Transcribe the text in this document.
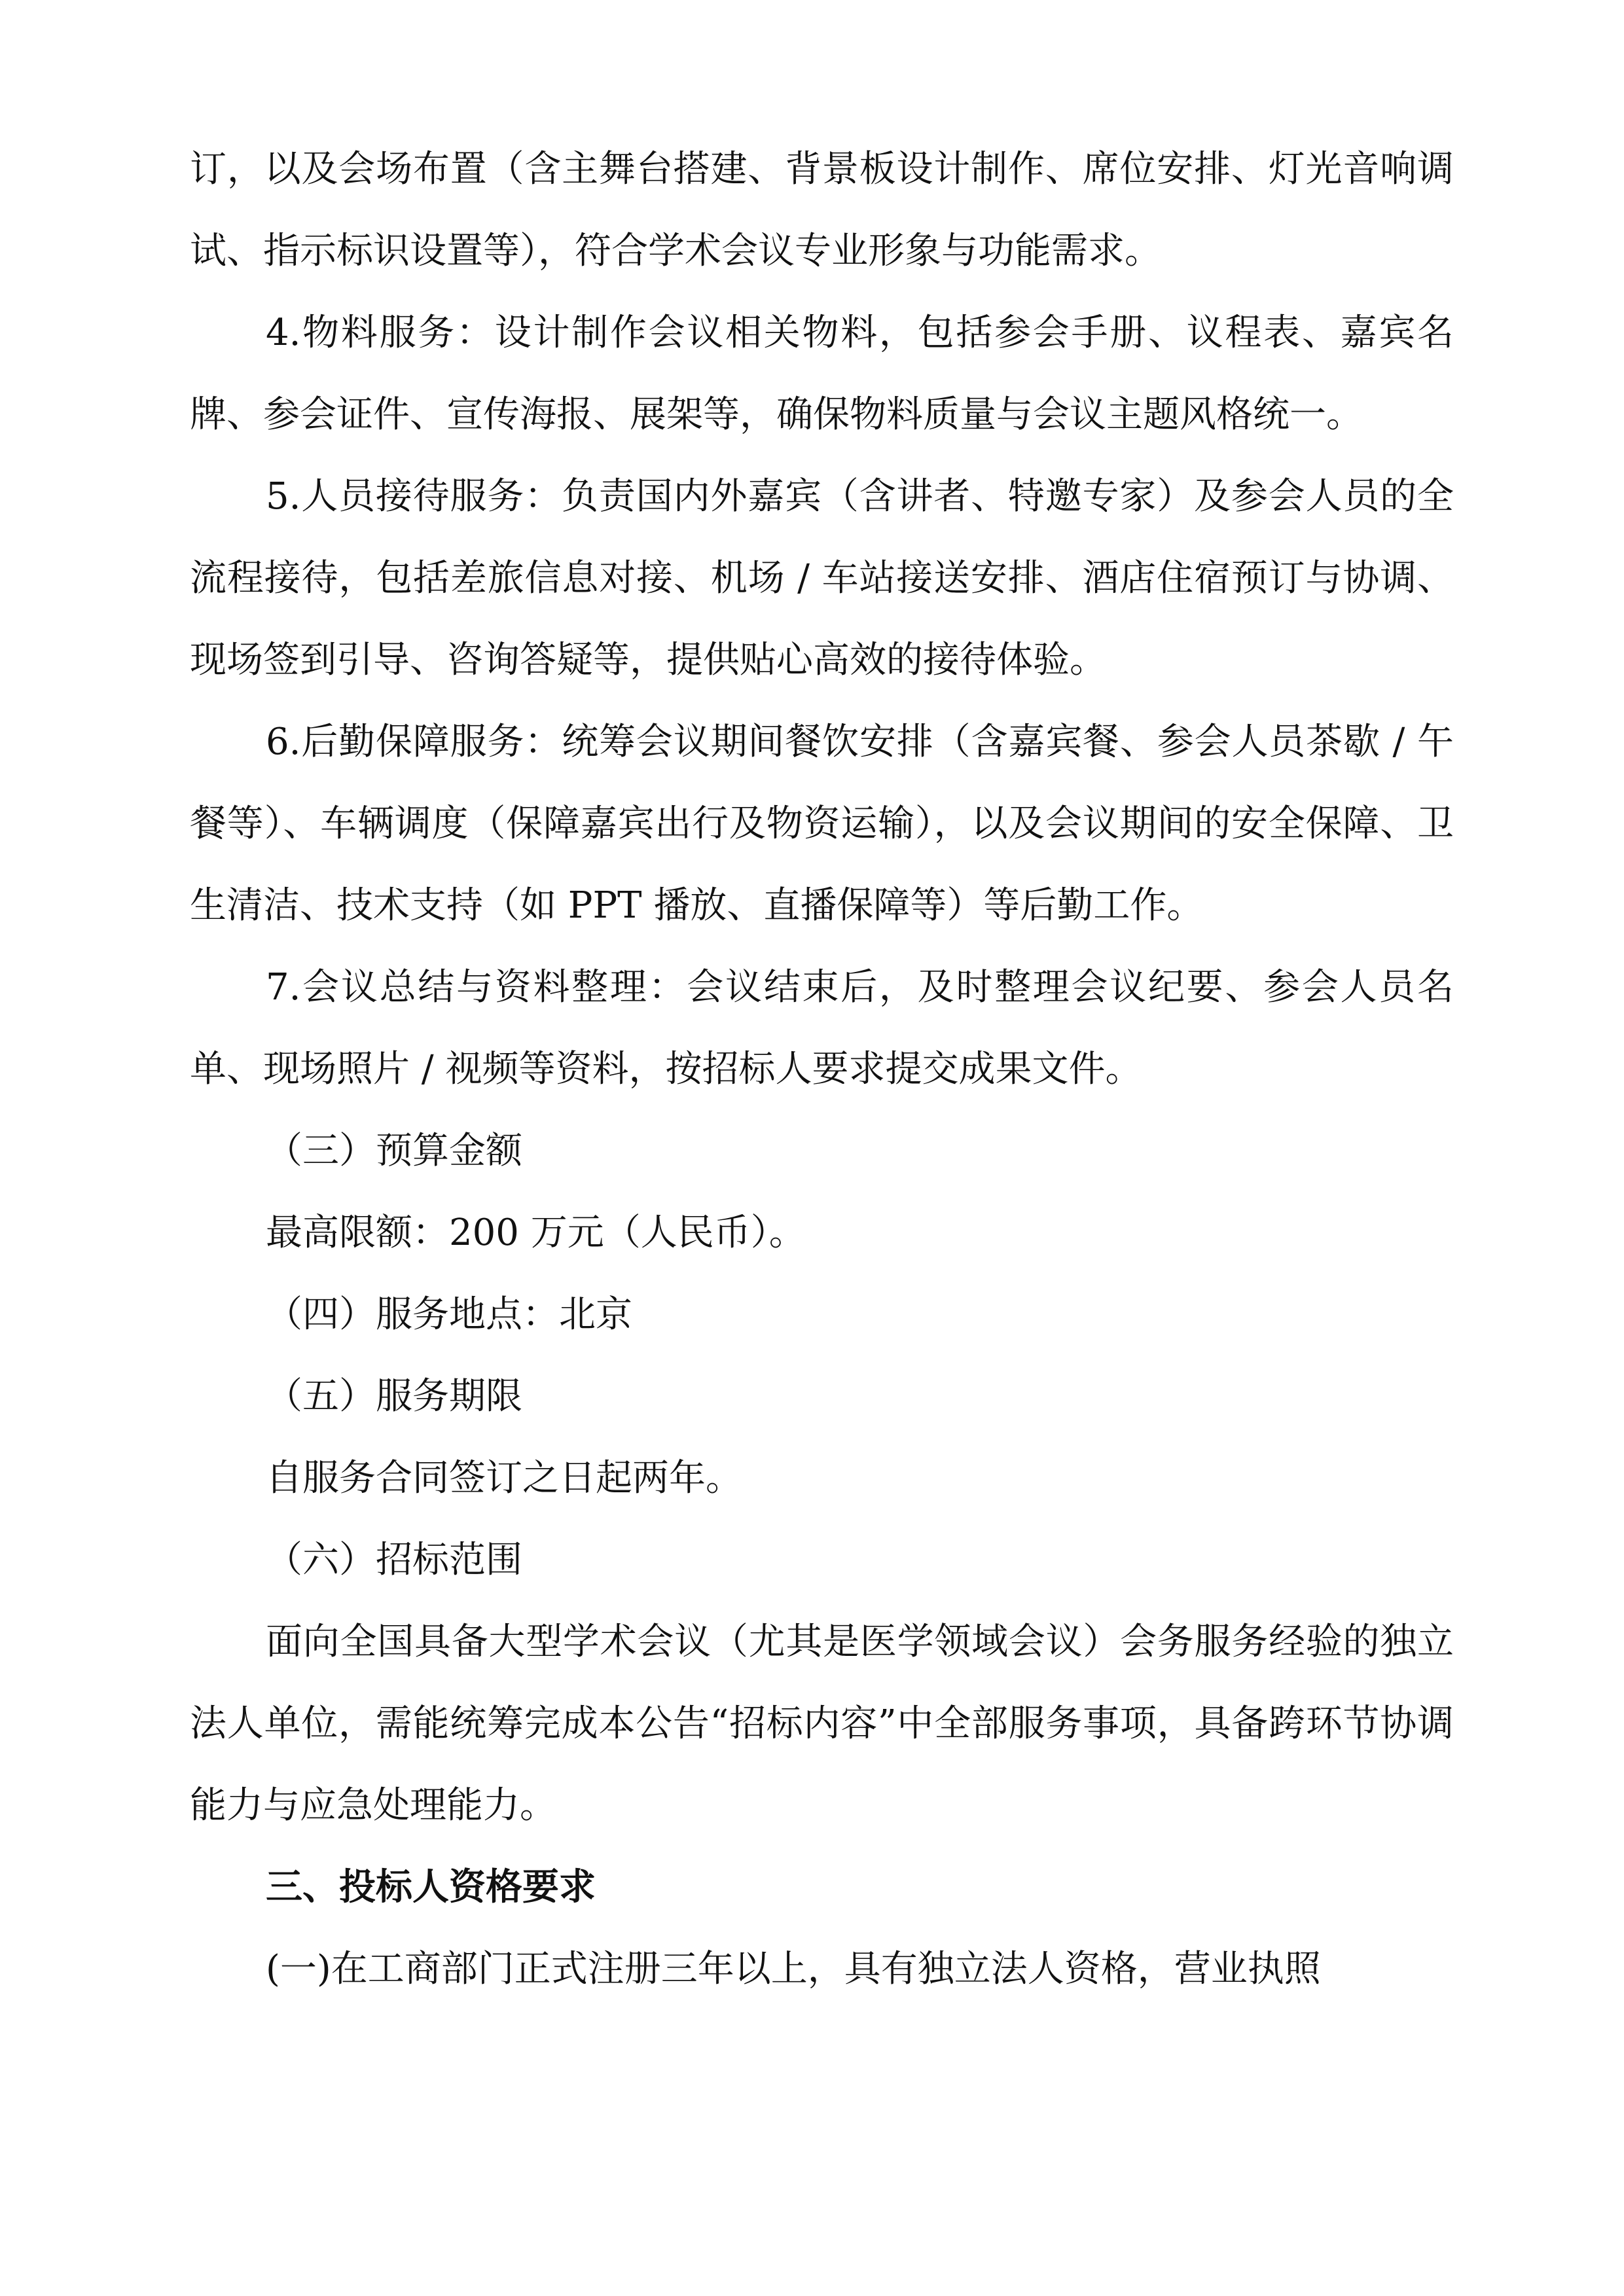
订，以及会场布置（含主舞台搭建、背景板设计制作、席位安排、灯光音响调试、指示标识设置等），符合学术会议专业形象与功能需求。

4.物料服务：设计制作会议相关物料，包括参会手册、议程表、嘉宾名牌、参会证件、宣传海报、展架等，确保物料质量与会议主题风格统一。

5.人员接待服务：负责国内外嘉宾（含讲者、特邀专家）及参会人员的全流程接待，包括差旅信息对接、机场 / 车站接送安排、酒店住宿预订与协调、现场签到引导、咨询答疑等，提供贴心高效的接待体验。

6.后勤保障服务：统筹会议期间餐饮安排（含嘉宾餐、参会人员茶歇 / 午餐等）、车辆调度（保障嘉宾出行及物资运输），以及会议期间的安全保障、卫生清洁、技术支持（如 PPT 播放、直播保障等）等后勤工作。

7.会议总结与资料整理：会议结束后，及时整理会议纪要、参会人员名单、现场照片 / 视频等资料，按招标人要求提交成果文件。

（三）预算金额

最高限额：200 万元（人民币）。

（四）服务地点：北京

（五）服务期限

自服务合同签订之日起两年。

（六）招标范围

面向全国具备大型学术会议（尤其是医学领域会议）会务服务经验的独立法人单位，需能统筹完成本公告“招标内容”中全部服务事项，具备跨环节协调能力与应急处理能力。

三、投标人资格要求

(一)在工商部门正式注册三年以上，具有独立法人资格，营业执照
